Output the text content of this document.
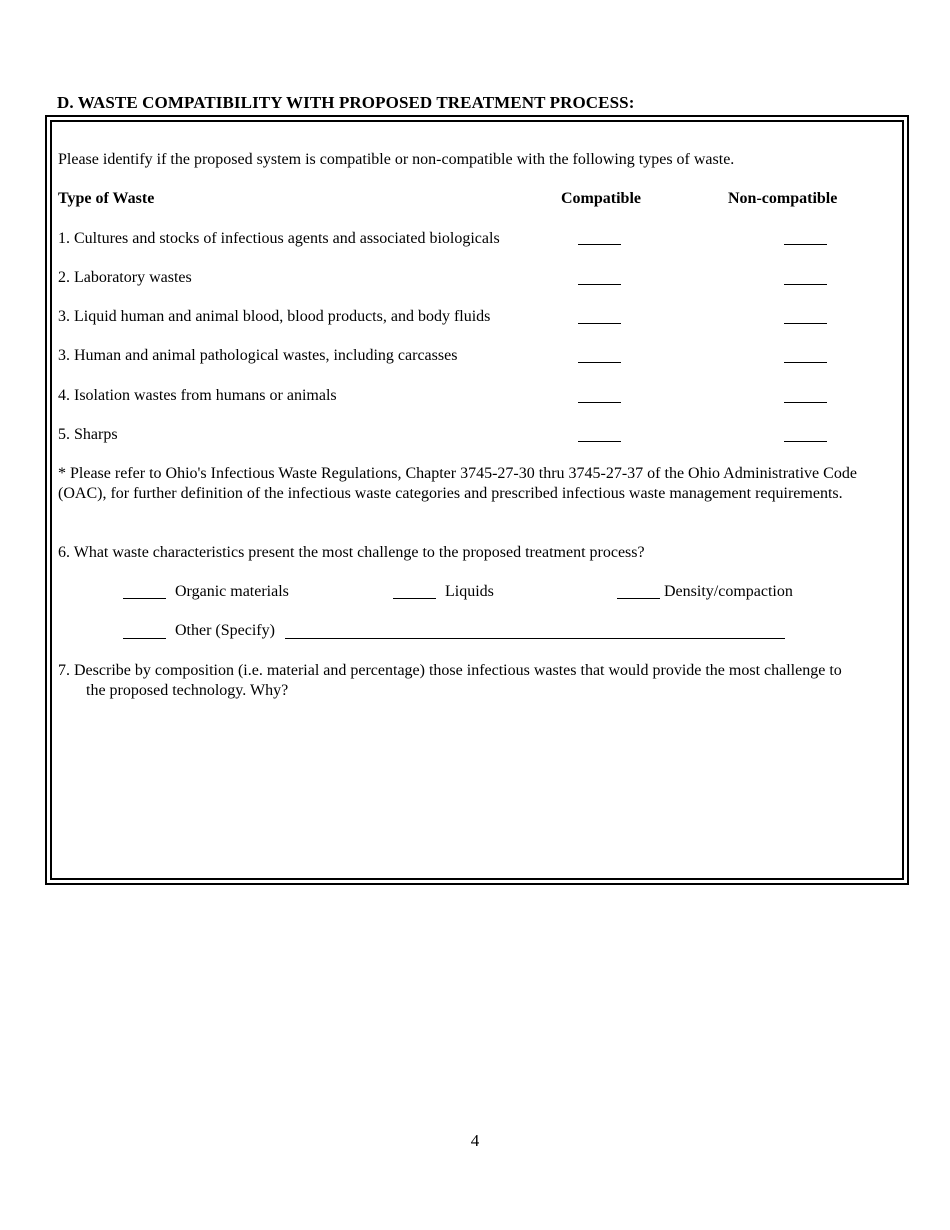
D. WASTE COMPATIBILITY WITH PROPOSED TREATMENT PROCESS:
Please identify if the proposed system is compatible or non-compatible with the following types of waste.
Type of Waste	Compatible	Non-compatible
1. Cultures and stocks of infectious agents and associated biologicals
2. Laboratory wastes
3. Liquid human and animal blood, blood products, and body fluids
3. Human and animal pathological wastes, including carcasses
4. Isolation wastes from humans or animals
5. Sharps
* Please refer to Ohio's Infectious Waste Regulations, Chapter 3745-27-30 thru 3745-27-37 of the Ohio Administrative Code (OAC), for further definition of the infectious waste categories and prescribed infectious waste management requirements.
6. What waste characteristics present the most challenge to the proposed treatment process?
Organic materials	Liquids	Density/compaction
Other (Specify)
7. Describe by composition (i.e. material and percentage) those infectious wastes that would provide the most challenge to
the proposed technology. Why?
4
